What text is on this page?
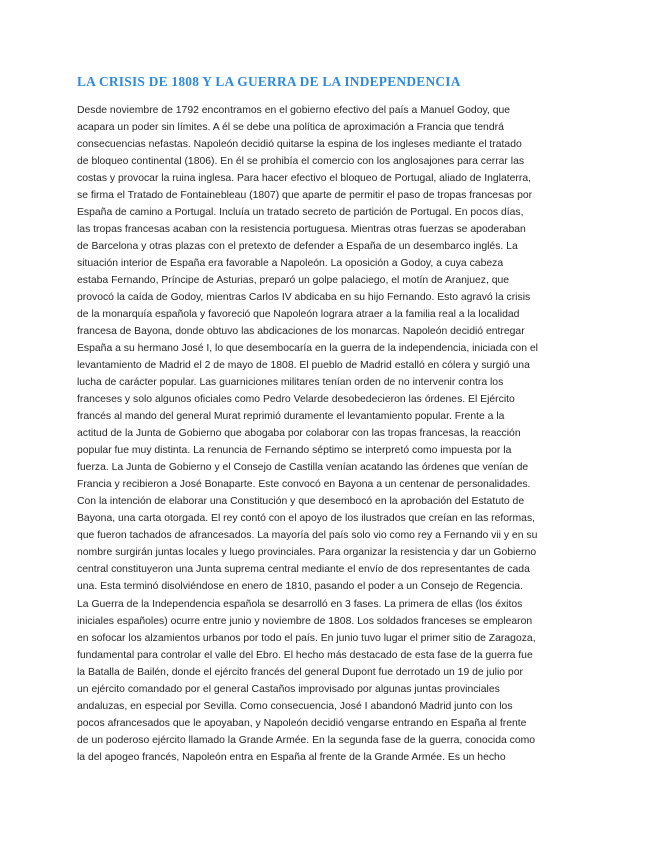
LA CRISIS DE 1808 Y LA GUERRA DE LA INDEPENDENCIA
Desde noviembre de 1792 encontramos en el gobierno efectivo del país a Manuel Godoy, que
acapara un poder sin límites. A él se debe una política de aproximación a Francia que tendrá
consecuencias nefastas. Napoleón decidió quitarse la espina de los ingleses mediante el tratado
de bloqueo continental (1806). En él se prohibía el comercio con los anglosajones para cerrar las
costas y provocar la ruina inglesa. Para hacer efectivo el bloqueo de Portugal, aliado de Inglaterra,
se firma el Tratado de Fontainebleau (1807) que aparte de permitir el paso de tropas francesas por
España de camino a Portugal. Incluía un tratado secreto de partición de Portugal. En pocos días,
las tropas francesas acaban con la resistencia portuguesa. Mientras otras fuerzas se apoderaban
de Barcelona y otras plazas con el pretexto de defender a España de un desembarco inglés. La
situación interior de España era favorable a Napoleón. La oposición a Godoy, a cuya cabeza
estaba Fernando, Príncipe de Asturias, preparó un golpe palaciego, el motín de Aranjuez, que
provocó la caída de Godoy, mientras Carlos IV abdicaba en su hijo Fernando. Esto agravó la crisis
de la monarquía española y favoreció que Napoleón lograra atraer a la familia real a la localidad
francesa de Bayona, donde obtuvo las abdicaciones de los monarcas. Napoleón decidió entregar
España a su hermano José I, lo que desembocaría en la guerra de la independencia, iniciada con el
levantamiento de Madrid el 2 de mayo de 1808. El pueblo de Madrid estalló en cólera y surgió una
lucha de carácter popular. Las guarniciones militares tenían orden de no intervenir contra los
franceses y solo algunos oficiales como Pedro Velarde desobedecieron las órdenes. El Ejército
francés al mando del general Murat reprimió duramente el levantamiento popular. Frente a la
actitud de la Junta de Gobierno que abogaba por colaborar con las tropas francesas, la reacción
popular fue muy distinta. La renuncia de Fernando séptimo se interpretó como impuesta por la
fuerza. La Junta de Gobierno y el Consejo de Castilla venían acatando las órdenes que venían de
Francia y recibieron a José Bonaparte. Este convocó en Bayona a un centenar de personalidades.
Con la intención de elaborar una Constitución y que desembocó en la aprobación del Estatuto de
Bayona, una carta otorgada. El rey contó con el apoyo de los ilustrados que creían en las reformas,
que fueron tachados de afrancesados. La mayoría del país solo vio como rey a Fernando vii y en su
nombre surgirán juntas locales y luego provinciales. Para organizar la resistencia y dar un Gobierno
central constituyeron una Junta suprema central mediante el envío de dos representantes de cada
una. Esta terminó disolviéndose en enero de 1810, pasando el poder a un Consejo de Regencia.
La Guerra de la Independencia española se desarrolló en 3 fases. La primera de ellas (los éxitos
iniciales españoles) ocurre entre junio y noviembre de 1808. Los soldados franceses se emplearon
en sofocar los alzamientos urbanos por todo el país. En junio tuvo lugar el primer sitio de Zaragoza,
fundamental para controlar el valle del Ebro. El hecho más destacado de esta fase de la guerra fue
la Batalla de Bailén, donde el ejército francés del general Dupont fue derrotado un 19 de julio por
un ejército comandado por el general Castaños improvisado por algunas juntas provinciales
andaluzas, en especial por Sevilla. Como consecuencia, José I abandonó Madrid junto con los
pocos afrancesados que le apoyaban, y Napoleón decidió vengarse entrando en España al frente
de un poderoso ejército llamado la Grande Armée. En la segunda fase de la guerra, conocida como
la del apogeo francés, Napoleón entra en España al frente de la Grande Armée. Es un hecho
